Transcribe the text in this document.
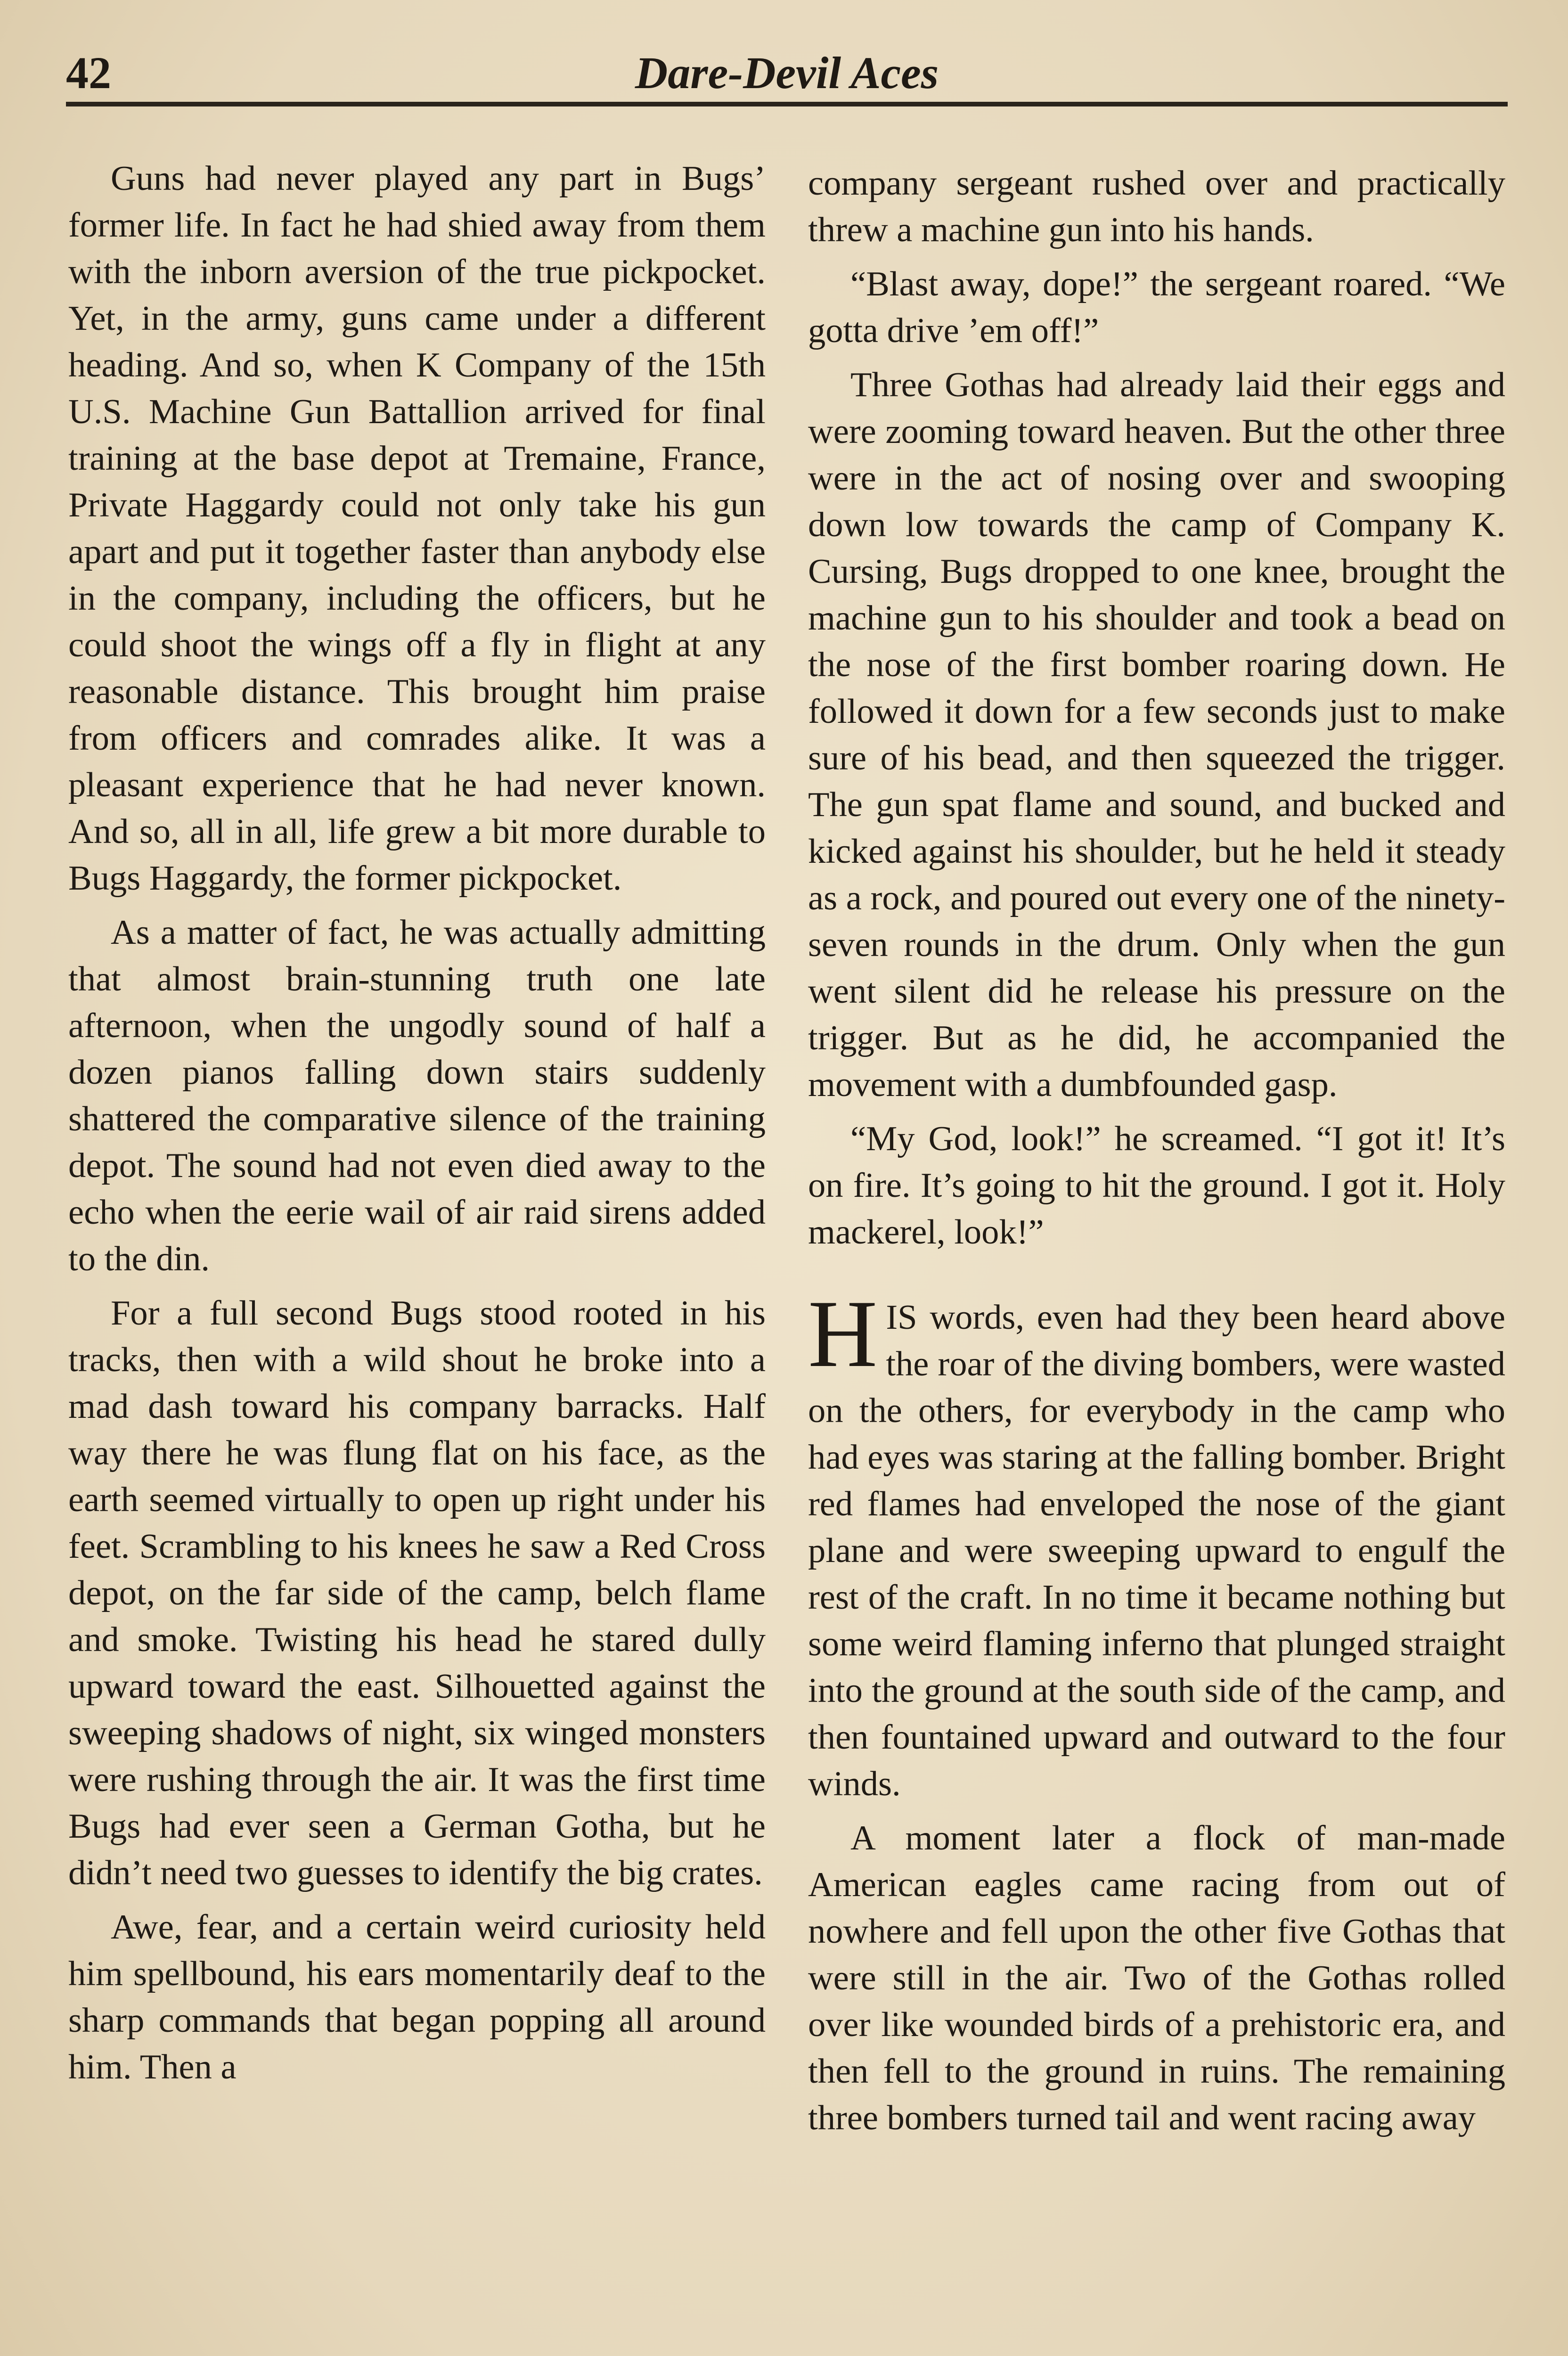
42	Dare-Devil Aces

Guns had never played any part in Bugs’ former life. In fact he had shied away from them with the inborn aversion of the true pickpocket. Yet, in the army, guns came under a different heading. And so, when K Company of the 15th U.S. Machine Gun Battallion arrived for final training at the base depot at Tremaine, France, Private Haggardy could not only take his gun apart and put it together faster than anybody else in the company, including the officers, but he could shoot the wings off a fly in flight at any reasonable distance. This brought him praise from officers and comrades alike. It was a pleasant experience that he had never known. And so, all in all, life grew a bit more durable to Bugs Haggardy, the former pickpocket.

As a matter of fact, he was actually admitting that almost brain-stunning truth one late afternoon, when the ungodly sound of half a dozen pianos falling down stairs suddenly shattered the comparative silence of the training depot. The sound had not even died away to the echo when the eerie wail of air raid sirens added to the din.

For a full second Bugs stood rooted in his tracks, then with a wild shout he broke into a mad dash toward his company barracks. Half way there he was flung flat on his face, as the earth seemed virtually to open up right under his feet. Scrambling to his knees he saw a Red Cross depot, on the far side of the camp, belch flame and smoke. Twisting his head he stared dully upward toward the east. Silhouetted against the sweeping shadows of night, six winged monsters were rushing through the air. It was the first time Bugs had ever seen a German Gotha, but he didn’t need two guesses to identify the big crates.

Awe, fear, and a certain weird curiosity held him spellbound, his ears momentarily deaf to the sharp commands that began popping all around him. Then a

company sergeant rushed over and practically threw a machine gun into his hands.

“Blast away, dope!” the sergeant roared. “We gotta drive ’em off!”

Three Gothas had already laid their eggs and were zooming toward heaven. But the other three were in the act of nosing over and swooping down low towards the camp of Company K. Cursing, Bugs dropped to one knee, brought the machine gun to his shoulder and took a bead on the nose of the first bomber roaring down. He followed it down for a few seconds just to make sure of his bead, and then squeezed the trigger. The gun spat flame and sound, and bucked and kicked against his shoulder, but he held it steady as a rock, and poured out every one of the ninety-seven rounds in the drum. Only when the gun went silent did he release his pressure on the trigger. But as he did, he accompanied the movement with a dumbfounded gasp.

“My God, look!” he screamed. “I got it! It’s on fire. It’s going to hit the ground. I got it. Holy mackerel, look!”

HIS words, even had they been heard above the roar of the diving bombers, were wasted on the others, for everybody in the camp who had eyes was staring at the falling bomber. Bright red flames had enveloped the nose of the giant plane and were sweeping upward to engulf the rest of the craft. In no time it became nothing but some weird flaming inferno that plunged straight into the ground at the south side of the camp, and then fountained upward and outward to the four winds.

A moment later a flock of man-made American eagles came racing from out of nowhere and fell upon the other five Gothas that were still in the air. Two of the Gothas rolled over like wounded birds of a prehistoric era, and then fell to the ground in ruins. The remaining three bombers turned tail and went racing away
